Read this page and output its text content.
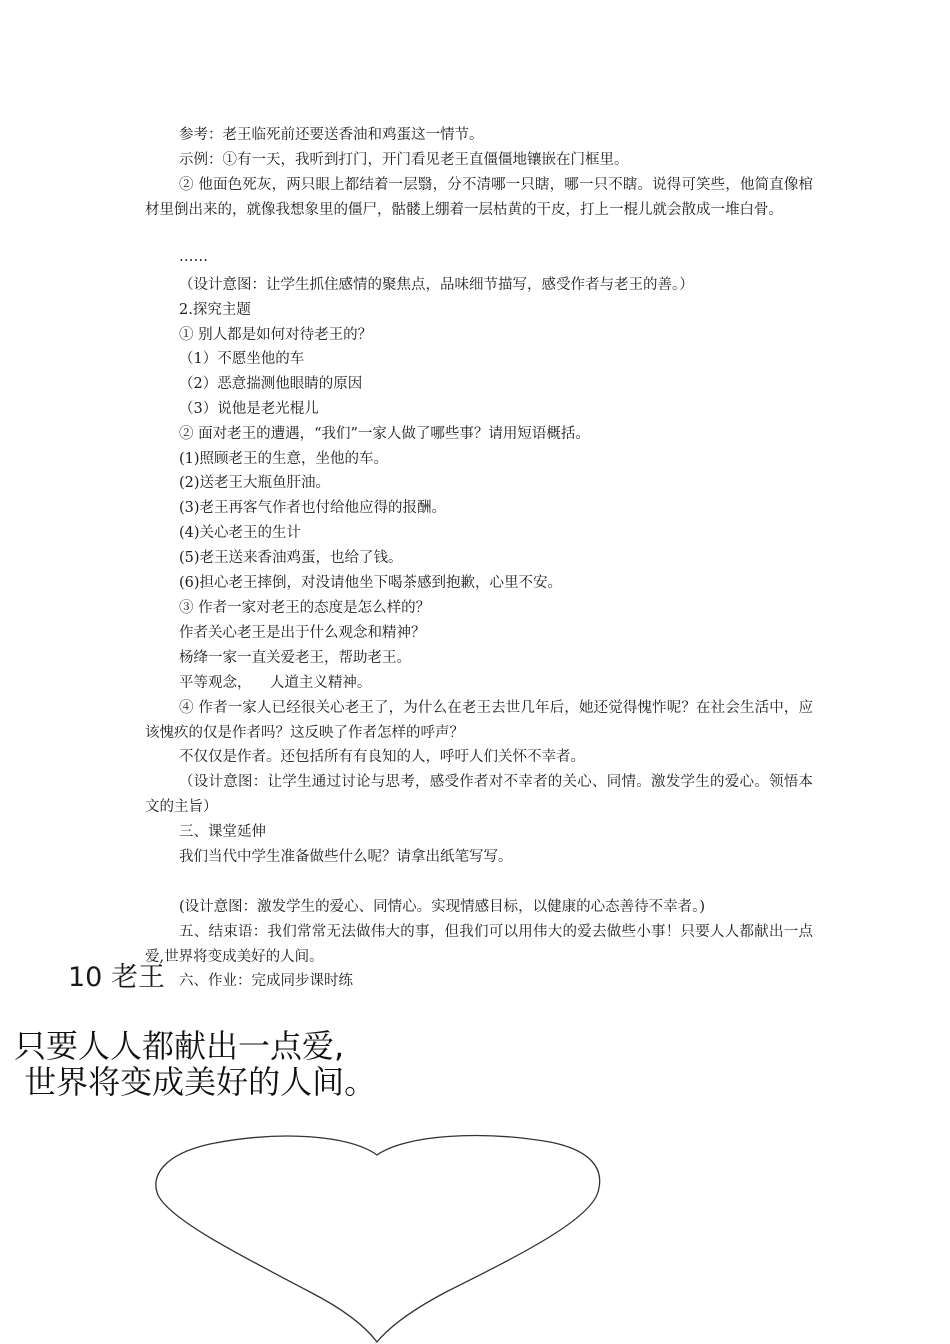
参考：老王临死前还要送香油和鸡蛋这一情节。
示例：①有一天，我听到打门，开门看见老王直僵僵地镶嵌在门框里。
② 他面色死灰，两只眼上都结着一层翳，分不清哪一只瞎，哪一只不瞎。说得可笑些，他简直像棺材里倒出来的，就像我想象里的僵尸，骷髅上绷着一层枯黄的干皮，打上一棍儿就会散成一堆白骨。
……
（设计意图：让学生抓住感情的聚焦点，品味细节描写，感受作者与老王的善。）
2.探究主题
① 别人都是如何对待老王的？
（1）不愿坐他的车
（2）恶意揣测他眼睛的原因
（3）说他是老光棍儿
② 面对老王的遭遇，“我们”一家人做了哪些事？请用短语概括。
(1)照顾老王的生意，坐他的车。
(2)送老王大瓶鱼肝油。
(3)老王再客气作者也付给他应得的报酬。
(4)关心老王的生计
(5)老王送来香油鸡蛋，也给了钱。
(6)担心老王摔倒，对没请他坐下喝茶感到抱歉，心里不安。
③ 作者一家对老王的态度是怎么样的？
作者关心老王是出于什么观念和精神？
杨绛一家一直关爱老王，帮助老王。
平等观念，    人道主义精神。
④ 作者一家人已经很关心老王了，为什么在老王去世几年后，她还觉得愧怍呢？在社会生活中，应该愧疚的仅是作者吗？这反映了作者怎样的呼声？
不仅仅是作者。还包括所有有良知的人，呼吁人们关怀不幸者。
（设计意图：让学生通过讨论与思考，感受作者对不幸者的关心、同情。激发学生的爱心。领悟本文的主旨）
三、课堂延伸
我们当代中学生准备做些什么呢？请拿出纸笔写写。
(设计意图：激发学生的爱心、同情心。实现情感目标，以健康的心态善待不幸者。)
五、结束语：我们常常无法做伟大的事，但我们可以用伟大的爱去做些小事！只要人人都献出一点爱,世界将变成美好的人间。
六、作业：完成同步课时练
10 老王
只要人人都献出一点爱,
世界将变成美好的人间。
